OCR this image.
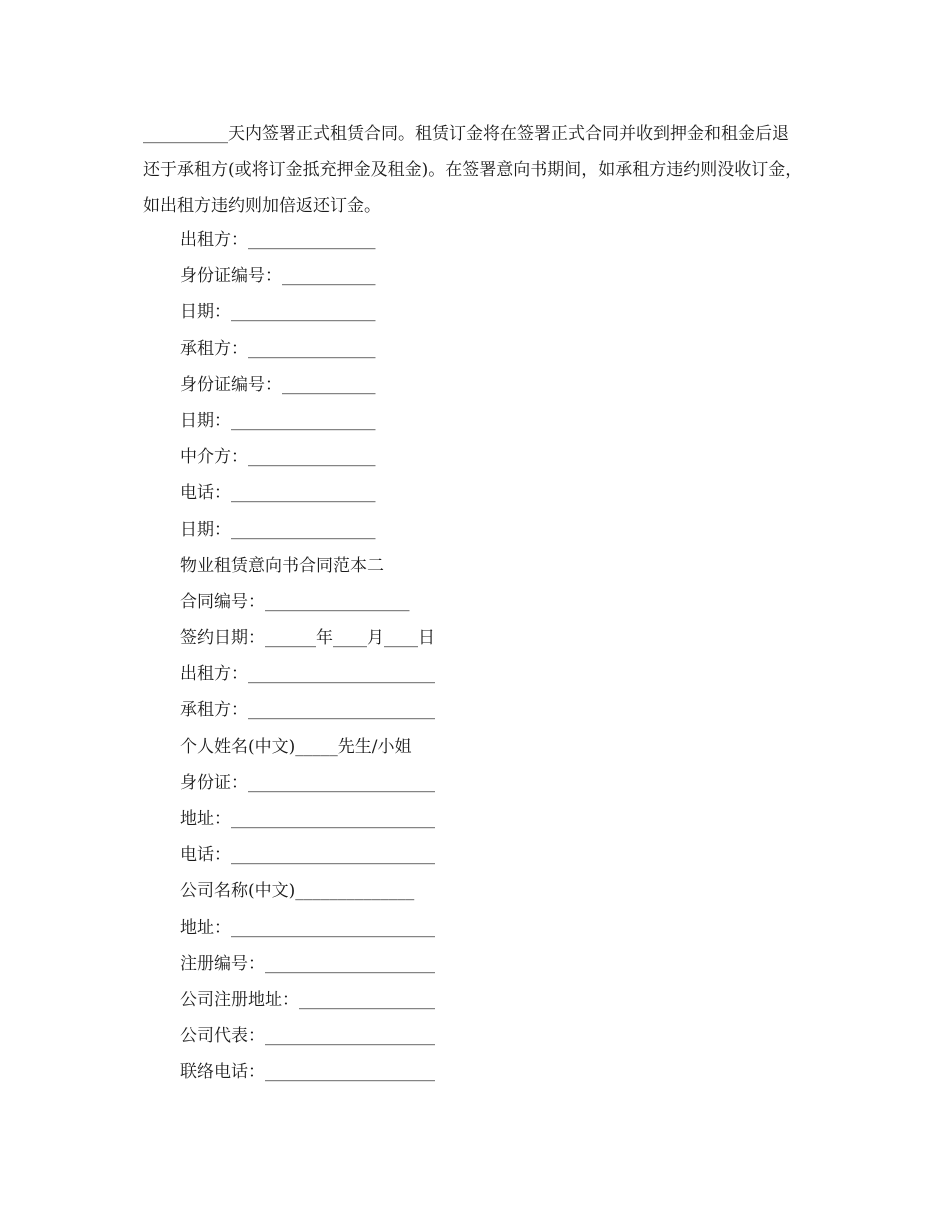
__________天内签署正式租赁合同。租赁订金将在签署正式合同并收到押金和租金后退还于承租方(或将订金抵充押金及租金)。在签署意向书期间，如承租方违约则没收订金，如出租方违约则加倍返还订金。
出租方：_______________
身份证编号：___________
日期：_________________
承租方：_______________
身份证编号：___________
日期：_________________
中介方：_______________
电话：_________________
日期：_________________
物业租赁意向书合同范本二
合同编号：_________________
签约日期：______年____月____日
出租方：______________________
承租方：______________________
个人姓名(中文)_____先生/小姐
身份证：______________________
地址：________________________
电话：________________________
公司名称(中文)______________
地址：________________________
注册编号：____________________
公司注册地址：________________
公司代表：____________________
联络电话：____________________
